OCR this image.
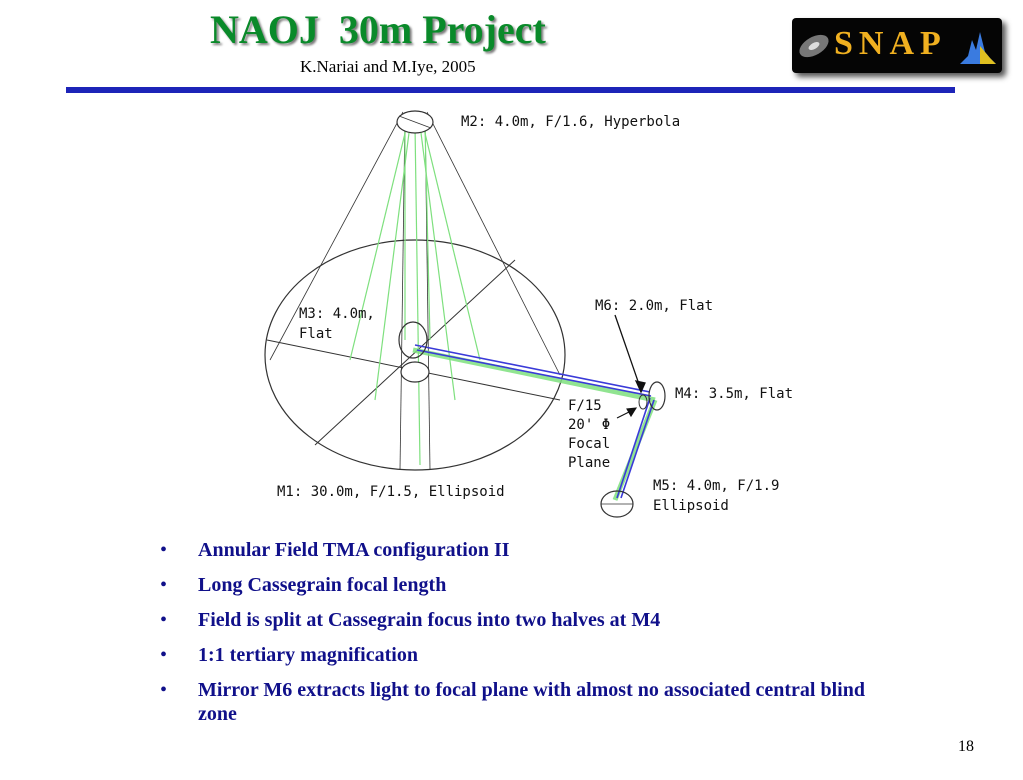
NAOJ  30m Project
K.Nariai and M.Iye, 2005
SNAP
M2: 4.0m, F/1.6, Hyperbola
M3: 4.0m,
Flat
M6: 2.0m, Flat
M4: 3.5m, Flat
F/15
20' Φ
Focal
Plane
M1: 30.0m, F/1.5, Ellipsoid	M5: 4.0m, F/1.9
Ellipsoid
• Annular Field TMA configuration II
• Long Cassegrain focal length
• Field is split at Cassegrain focus into two halves at M4
• 1:1 tertiary magnification
• Mirror M6 extracts light to focal plane with almost no associated central blind zone
18
